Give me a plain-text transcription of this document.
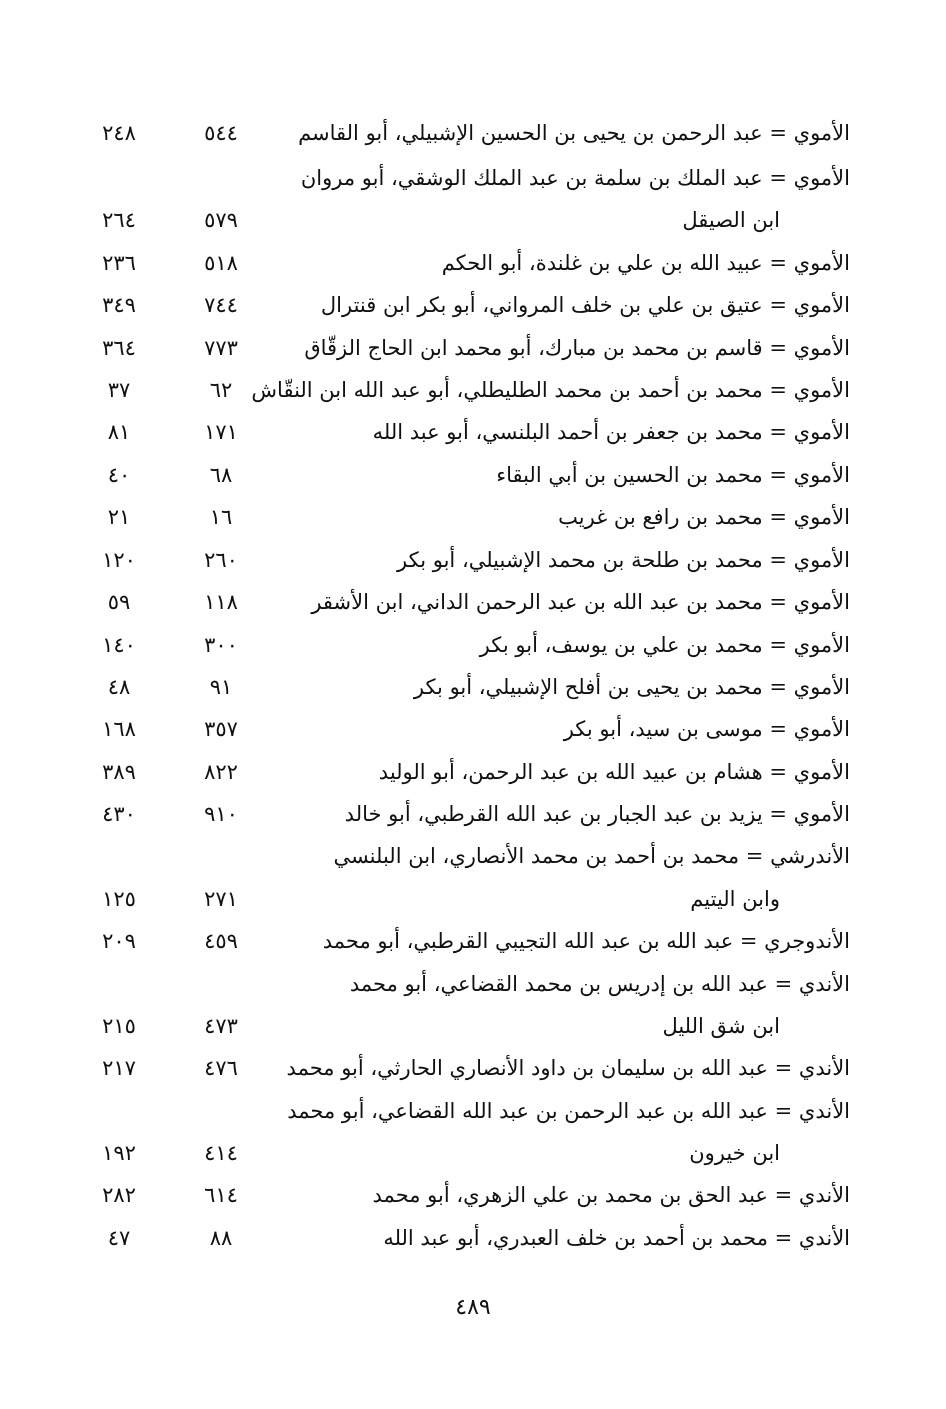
الأموي = عبد الرحمن بن يحيى بن الحسين الإشبيلي، أبو القاسم
٥٤٤
٢٤٨
الأموي = عبد الملك بن سلمة بن عبد الملك الوشقي، أبو مروان
ابن الصيقل
٥٧٩
٢٦٤
الأموي = عبيد الله بن علي بن غلندة، أبو الحكم
٥١٨
٢٣٦
الأموي = عتيق بن علي بن خلف المرواني، أبو بكر ابن قنترال
٧٤٤
٣٤٩
الأموي = قاسم بن محمد بن مبارك، أبو محمد ابن الحاج الزقّاق
٧٧٣
٣٦٤
الأموي = محمد بن أحمد بن محمد الطليطلي، أبو عبد الله ابن النقّاش
٦٢
٣٧
الأموي = محمد بن جعفر بن أحمد البلنسي، أبو عبد الله
١٧١
٨١
الأموي = محمد بن الحسين بن أبي البقاء
٦٨
٤٠
الأموي = محمد بن رافع بن غريب
١٦
٢١
الأموي = محمد بن طلحة بن محمد الإشبيلي، أبو بكر
٢٦٠
١٢٠
الأموي = محمد بن عبد الله بن عبد الرحمن الداني، ابن الأشقر
١١٨
٥٩
الأموي = محمد بن علي بن يوسف، أبو بكر
٣٠٠
١٤٠
الأموي = محمد بن يحيى بن أفلح الإشبيلي، أبو بكر
٩١
٤٨
الأموي = موسى بن سيد، أبو بكر
٣٥٧
١٦٨
الأموي = هشام بن عبيد الله بن عبد الرحمن، أبو الوليد
٨٢٢
٣٨٩
الأموي = يزيد بن عبد الجبار بن عبد الله القرطبي، أبو خالد
٩١٠
٤٣٠
الأندرشي = محمد بن أحمد بن محمد الأنصاري، ابن البلنسي
وابن اليتيم
٢٧١
١٢٥
الأندوجري = عبد الله بن عبد الله التجيبي القرطبي، أبو محمد
٤٥٩
٢٠٩
الأندي = عبد الله بن إدريس بن محمد القضاعي، أبو محمد
ابن شق الليل
٤٧٣
٢١٥
الأندي = عبد الله بن سليمان بن داود الأنصاري الحارثي، أبو محمد
٤٧٦
٢١٧
الأندي = عبد الله بن عبد الرحمن بن عبد الله القضاعي، أبو محمد
ابن خيرون
٤١٤
١٩٢
الأندي = عبد الحق بن محمد بن علي الزهري، أبو محمد
٦١٤
٢٨٢
الأندي = محمد بن أحمد بن خلف العبدري، أبو عبد الله
٨٨
٤٧
٤٨٩
